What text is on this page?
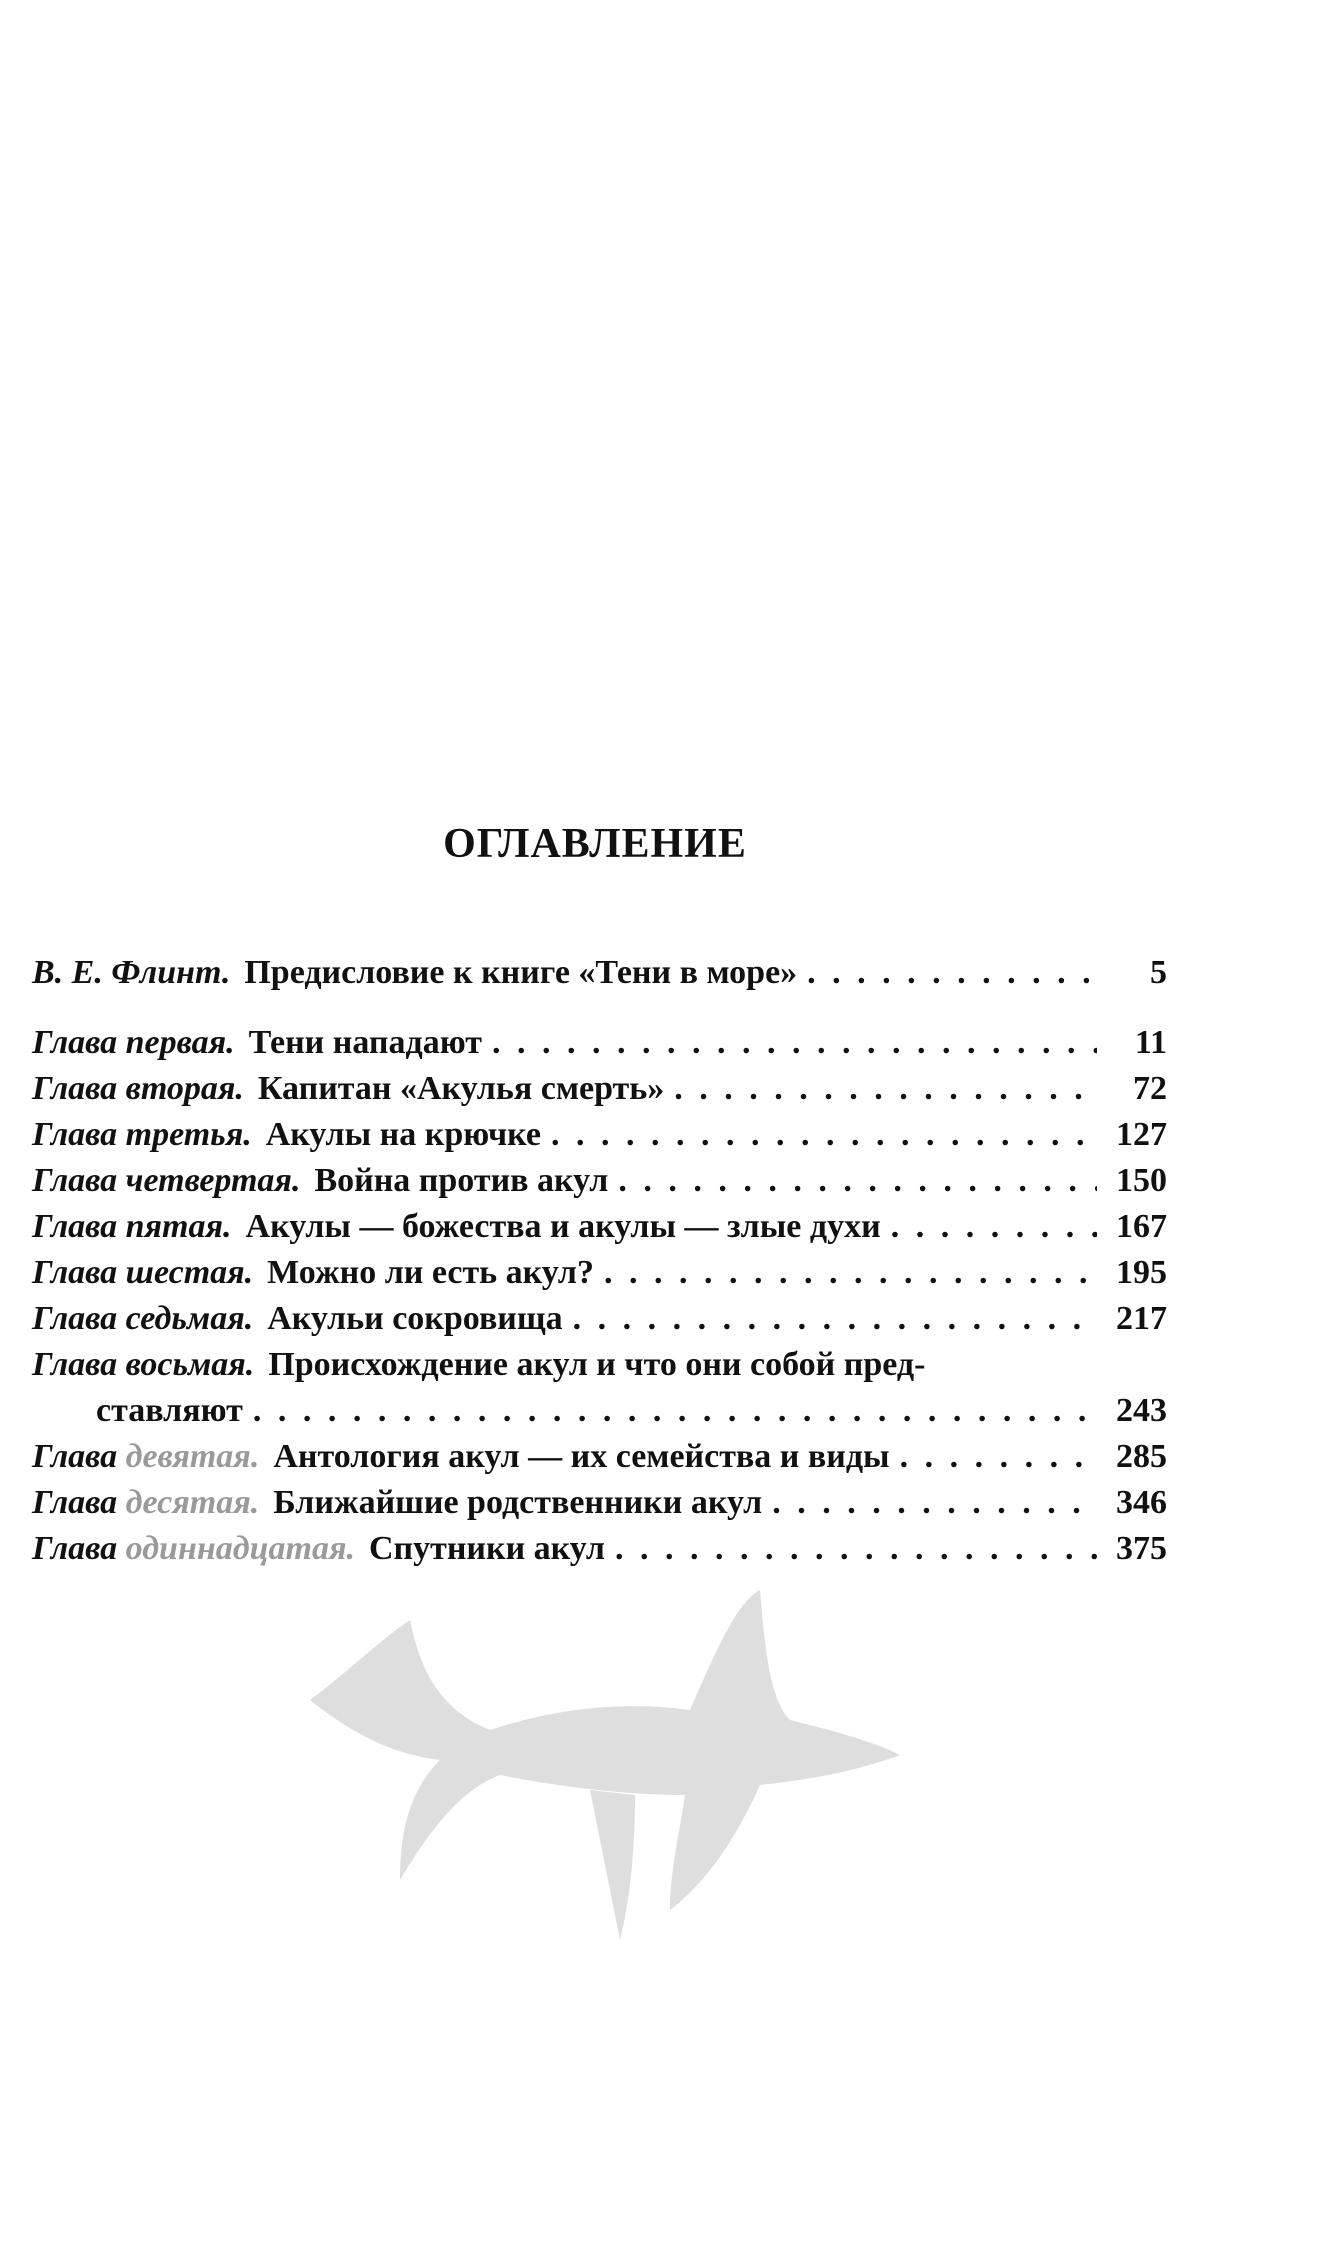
ОГЛАВЛЕНИЕ
В. Е. Флинт. Предисловие к книге «Тени в море» . . .	5
Глава первая. Тени нападают . . .	11
Глава вторая. Капитан «Акулья смерть» . . .	72
Глава третья. Акулы на крючке . . .	127
Глава четвертая. Война против акул . . .	150
Глава пятая. Акулы — божества и акулы — злые духи . . .	167
Глава шестая. Можно ли есть акул? . . .	195
Глава седьмая. Акульи сокровища . . .	217
Глава восьмая. Происхождение акул и что они собой пред-
ставляют . . .	243
Глава девятая. Антология акул — их семейства и виды . . .	285
Глава десятая. Ближайшие родственники акул . . .	346
Глава одиннадцатая. Спутники акул . . .	375
